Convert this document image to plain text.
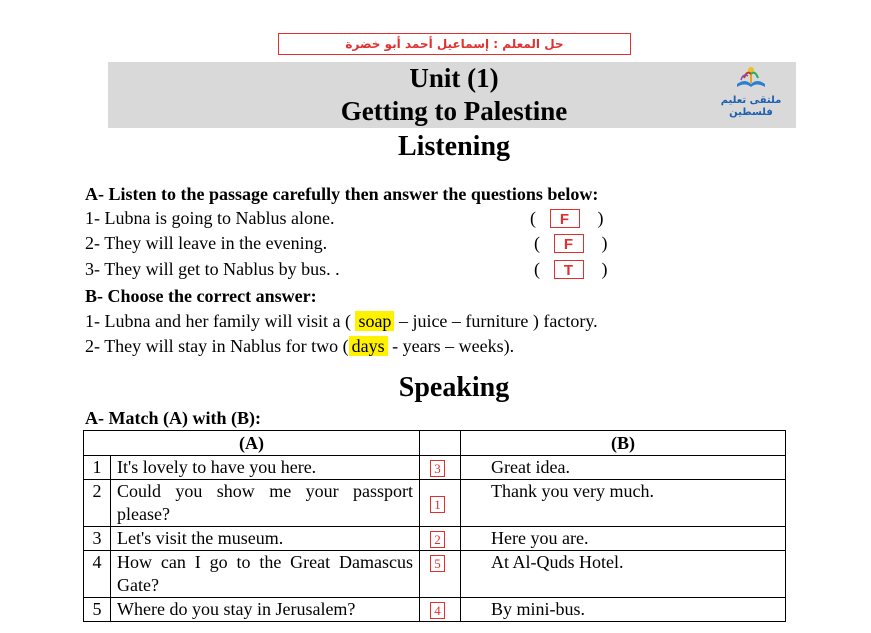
حل المعلم : إسماعيل أحمد أبو خضرة
Unit (1)
Getting to Palestine	ملتقى تعليم فلسطين
Listening
A- Listen to the passage carefully then answer the questions below:
1- Lubna is going to Nablus alone.	(   F    )
2- They will leave in the evening.	(   F    )
3- They will get to Nablus by bus. .	(   T    )
B- Choose the correct answer:
1- Lubna and her family will visit a ( soap – juice – furniture ) factory.
2- They will stay in Nablus for two ( days - years – weeks).
Speaking
A- Match (A) with (B):
(A)			(B)
1	It's lovely to have you here.	3	Great idea.
2	Could you show me your passport please?	1	Thank you very much.
3	Let's visit the museum.	2	Here you are.
4	How can I go to the Great Damascus Gate?	5	At Al-Quds Hotel.
5	Where do you stay in Jerusalem?	4	By mini-bus.
